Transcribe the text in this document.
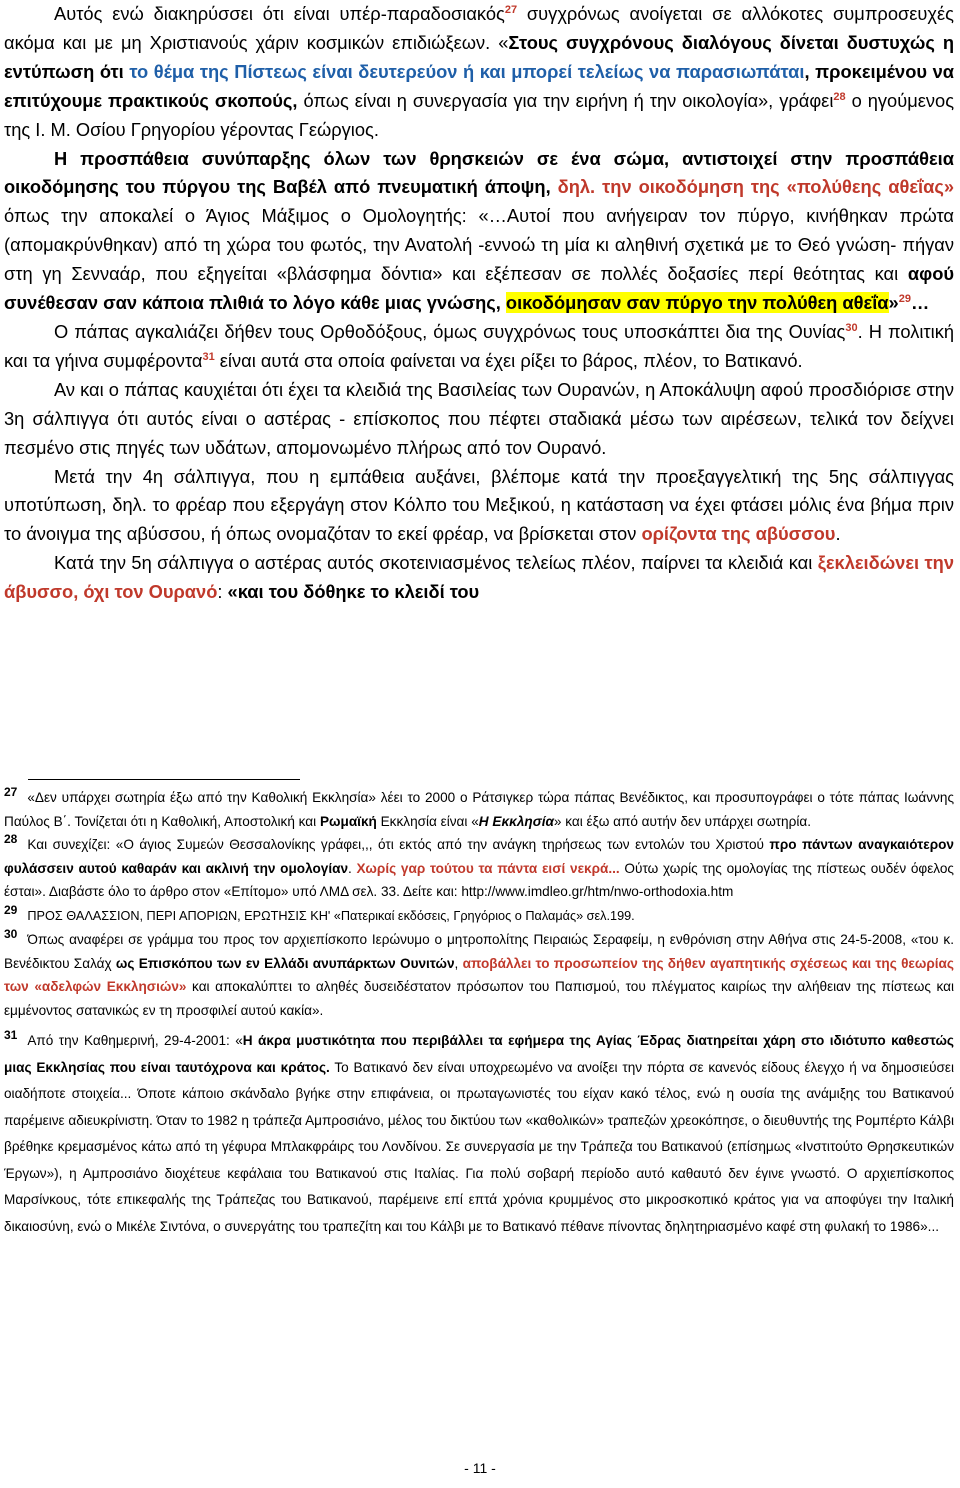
Αυτός ενώ διακηρύσσει ότι είναι υπέρ-παραδοσιακός$^{27}$ συγχρόνως ανοίγεται σε αλλόκοτες συμπροσευχές ακόμα και με μη Χριστιανούς χάριν κοσμικών επιδιώξεων. «Στους συγχρόνους διαλόγους δίνεται δυστυχώς η εντύπωση ότι το θέμα της Πίστεως είναι δευτερεύον ή και μπορεί τελείως να παρασιωπάται, προκειμένου να επιτύχουμε πρακτικούς σκοπούς, όπως είναι η συνεργασία για την ειρήνη ή την οικολογία», γράφει$^{28}$ ο ηγούμενος της Ι. Μ. Οσίου Γρηγορίου γέροντας Γεώργιος.

Η προσπάθεια συνύπαρξης όλων των θρησκειών σε ένα σώμα, αντιστοιχεί στην προσπάθεια οικοδόμησης του πύργου της Βαβέλ από πνευματική άποψη, δηλ. την οικοδόμηση της «πολύθεης αθεΐας» όπως την αποκαλεί ο Άγιος Μάξιμος ο Ομολογητής: «…Αυτοί που ανήγειραν τον πύργο, κινήθηκαν πρώτα (απομακρύνθηκαν) από τη χώρα του φωτός, την Ανατολή -εννοώ τη μία κι αληθινή σχετικά με το Θεό γνώση- πήγαν στη γη Σενναάρ, που εξηγείται «βλάσφημα δόντια» και εξέπεσαν σε πολλές δοξασίες περί θεότητας και αφού συνέθεσαν σαν κάποια πλιθιά το λόγο κάθε μιας γνώσης, οικοδόμησαν σαν πύργο την πολύθεη αθεΐα»$^{29}$…

Ο πάπας αγκαλιάζει δήθεν τους Ορθοδόξους, όμως συγχρόνως τους υποσκάπτει δια της Ουνίας$^{30}$. Η πολιτική και τα γήινα συμφέροντα$^{31}$ είναι αυτά στα οποία φαίνεται να έχει ρίξει το βάρος, πλέον, το Βατικανό.

Αν και ο πάπας καυχιέται ότι έχει τα κλειδιά της Βασιλείας των Ουρανών, η Αποκάλυψη αφού προσδιόρισε στην 3η σάλπιγγα ότι αυτός είναι ο αστέρας - επίσκοπος που πέφτει σταδιακά μέσω των αιρέσεων, τελικά τον δείχνει πεσμένο στις πηγές των υδάτων, απομονωμένο πλήρως από τον Ουρανό.

Μετά την 4η σάλπιγγα, που η εμπάθεια αυξάνει, βλέπομε κατά την προεξαγγελτική της 5ης σάλπιγγας υποτύπωση, δηλ. το φρέαρ που εξεργάγη στον Κόλπο του Μεξικού, η κατάσταση να έχει φτάσει μόλις ένα βήμα πριν το άνοιγμα της αβύσσου, ή όπως ονομαζόταν το εκεί φρέαρ, να βρίσκεται στον ορίζοντα της αβύσσου.

Κατά την 5η σάλπιγγα ο αστέρας αυτός σκοτεινιασμένος τελείως πλέον, παίρνει τα κλειδιά και ξεκλειδώνει την άβυσσο, όχι τον Ουρανό: «και του δόθηκε το κλειδί του

27 «Δεν υπάρχει σωτηρία έξω από την Καθολική Εκκλησία» λέει το 2000 ο Ράτσιγκερ τώρα πάπας Βενέδικτος, και προσυπογράφει ο τότε πάπας Ιωάννης Παύλος Β΄. Τονίζεται ότι η Καθολική, Αποστολική και Ρωμαϊκή Εκκλησία είναι «Η Εκκλησία» και έξω από αυτήν δεν υπάρχει σωτηρία.

28 Και συνεχίζει: «Ο άγιος Συμεών Θεσσαλονίκης γράφει,,, ότι εκτός από την ανάγκη τηρήσεως των εντολών του Χριστού προ πάντων αναγκαιότερον φυλάσσειν αυτού καθαράν και ακλινή την ομολογίαν. Χωρίς γαρ τούτου τα πάντα εισί νεκρά... Ούτω χωρίς της ομολογίας της πίστεως ουδέν όφελος έσται». Διαβάστε όλο το άρθρο στον «Επίτομο» υπό ΛΜΔ σελ. 33. Δείτε και: http://www.imdleo.gr/htm/nwo-orthodoxia.htm

29 ΠΡΟΣ ΘΑΛΑΣΣΙΟΝ, ΠΕΡΙ ΑΠΟΡΙΩΝ, ΕΡΩΤΗΣΙΣ ΚΗ' «Πατερικαί εκδόσεις, Γρηγόριος ο Παλαμάς» σελ.199.

30 Όπως αναφέρει σε γράμμα του προς τον αρχιεπίσκοπο Ιερώνυμο ο μητροπολίτης Πειραιώς Σεραφείμ, η ενθρόνιση στην Αθήνα στις 24-5-2008, «του κ. Βενέδικτου Σαλάχ ως Επισκόπου των εν Ελλάδι ανυπάρκτων Ουνιτών, αποβάλλει το προσωπείον της δήθεν αγαπητικής σχέσεως και της θεωρίας των «αδελφών Εκκλησιών» και αποκαλύπτει το αληθές δυσειδέστατον πρόσωπον του Παπισμού, του πλέγματος καιρίως την αλήθειαν της πίστεως και εμμένοντος σατανικώς εν τη προσφιλεί αυτού κακία».

31 Από την Καθημερινή, 29-4-2001: «Η άκρα μυστικότητα που περιβάλλει τα εφήμερα της Αγίας Έδρας διατηρείται χάρη στο ιδιότυπο καθεστώς μιας Εκκλησίας που είναι ταυτόχρονα και κράτος. Το Βατικανό δεν είναι υποχρεωμένο να ανοίξει την πόρτα σε κανενός είδους έλεγχο ή να δημοσιεύσει οιαδήποτε στοιχεία... Όποτε κάποιο σκάνδαλο βγήκε στην επιφάνεια, οι πρωταγωνιστές του είχαν κακό τέλος, ενώ η ουσία της ανάμιξης του Βατικανού παρέμεινε αδιευκρίνιστη. Όταν το 1982 η τράπεζα Αμπροσιάνο, μέλος του δικτύου των «καθολικών» τραπεζών χρεοκόπησε, ο διευθυντής της Ρομπέρτο Κάλβι βρέθηκε κρεμασμένος κάτω από τη γέφυρα Μπλακφράιρς του Λονδίνου. Σε συνεργασία με την Τράπεζα του Βατικανού (επίσημως «Ινστιτούτο Θρησκευτικών Έργων»), η Αμπροσιάνο διοχέτευε κεφάλαια του Βατικανού στις Ιταλίας. Για πολύ σοβαρή περίοδο αυτό καθαυτό δεν έγινε γνωστό. Ο αρχιεπίσκοπος Μαρσίνκους, τότε επικεφαλής της Τράπεζας του Βατικανού, παρέμεινε επί επτά χρόνια κρυμμένος στο μικροσκοπικό κράτος για να αποφύγει την Ιταλική δικαιοσύνη, ενώ ο Μικέλε Σιντόνα, ο συνεργάτης του τραπεζίτη και του Κάλβι με το Βατικανό πέθανε πίνοντας δηλητηριασμένο καφέ στη φυλακή το 1986»...

- 11 -
